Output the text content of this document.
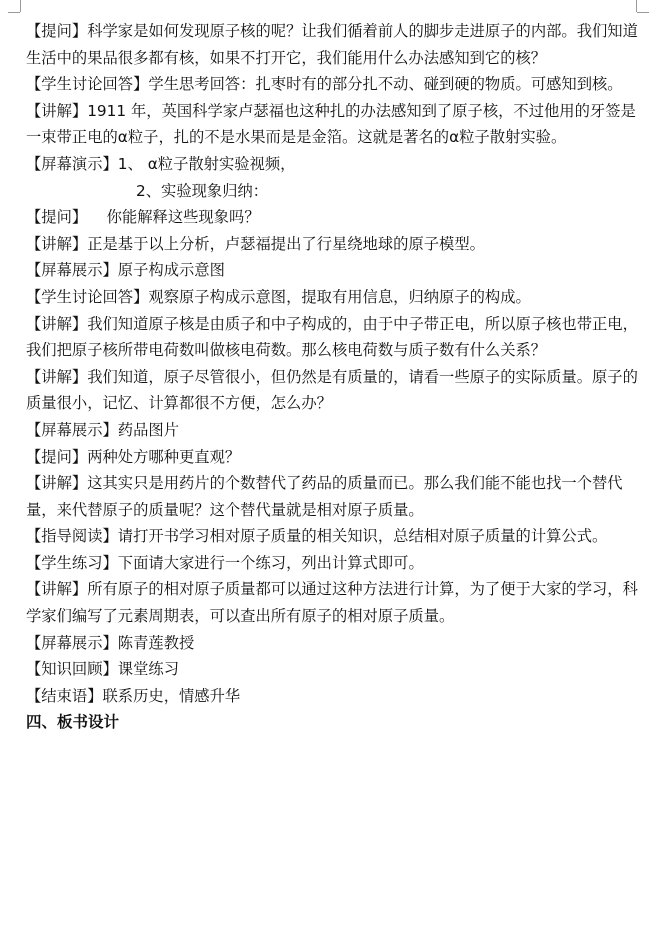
【提问】科学家是如何发现原子核的呢？让我们循着前人的脚步走进原子的内部。我们知道生活中的果品很多都有核，如果不打开它，我们能用什么办法感知到它的核？

【学生讨论回答】学生思考回答：扎枣时有的部分扎不动、碰到硬的物质。可感知到核。

【讲解】1911 年，英国科学家卢瑟福也这种扎的办法感知到了原子核，不过他用的牙签是一束带正电的α粒子，扎的不是水果而是是金箔。这就是著名的α粒子散射实验。

【屏幕演示】1、 α粒子散射实验视频，

2、实验现象归纳：

【提问】    你能解释这些现象吗？

【讲解】正是基于以上分析，卢瑟福提出了行星绕地球的原子模型。

【屏幕展示】原子构成示意图

【学生讨论回答】观察原子构成示意图，提取有用信息，归纳原子的构成。

【讲解】我们知道原子核是由质子和中子构成的，由于中子带正电，所以原子核也带正电，我们把原子核所带电荷数叫做核电荷数。那么核电荷数与质子数有什么关系？

【讲解】我们知道，原子尽管很小，但仍然是有质量的，请看一些原子的实际质量。原子的质量很小，记忆、计算都很不方便，怎么办？

【屏幕展示】药品图片

【提问】两种处方哪种更直观？

【讲解】这其实只是用药片的个数替代了药品的质量而已。那么我们能不能也找一个替代量，来代替原子的质量呢？这个替代量就是相对原子质量。

【指导阅读】请打开书学习相对原子质量的相关知识，总结相对原子质量的计算公式。

【学生练习】下面请大家进行一个练习，列出计算式即可。

【讲解】所有原子的相对原子质量都可以通过这种方法进行计算，为了便于大家的学习，科学家们编写了元素周期表，可以查出所有原子的相对原子质量。

【屏幕展示】陈青莲教授

【知识回顾】课堂练习

【结束语】联系历史，情感升华

四、板书设计
